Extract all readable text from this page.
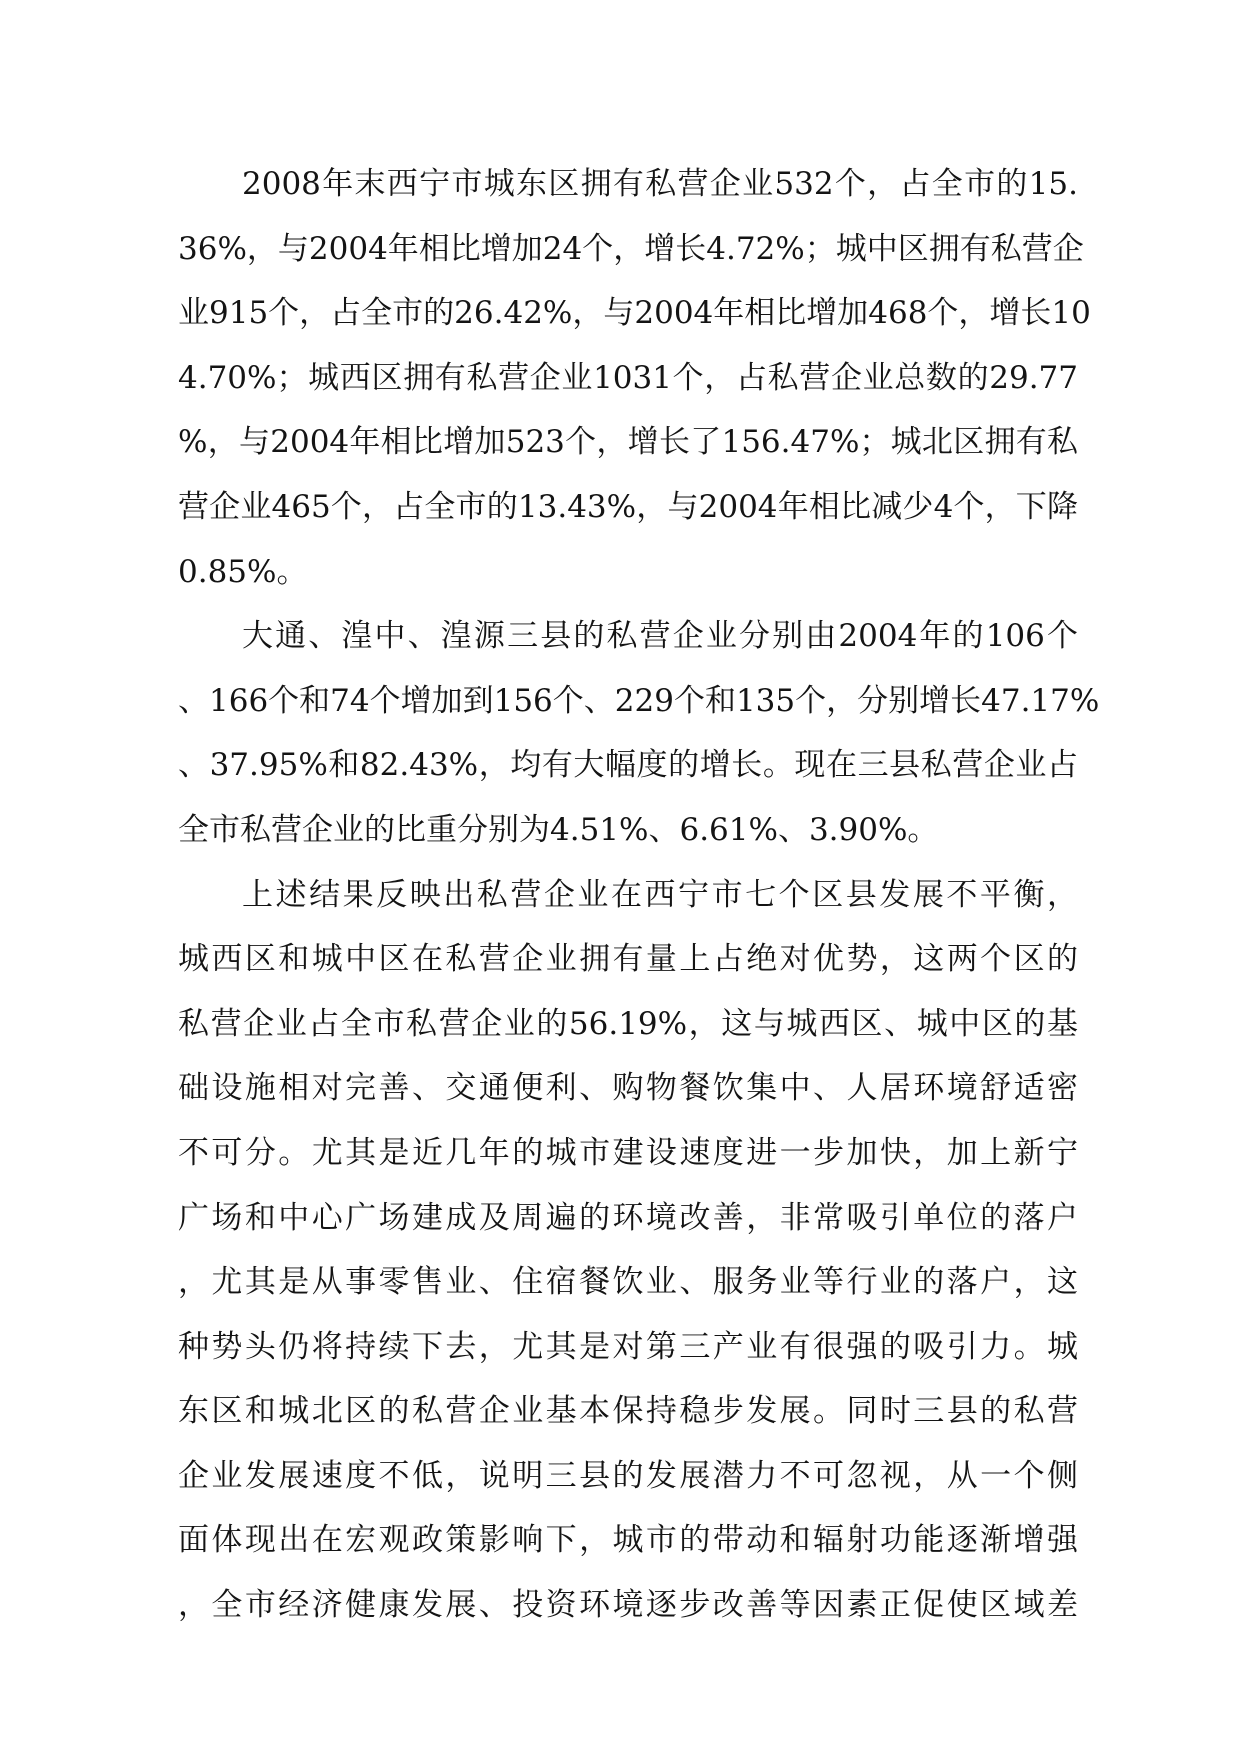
2008年末西宁市城东区拥有私营企业532个，占全市的15.
36%，与2004年相比增加24个，增长4.72%；城中区拥有私营企
业915个，占全市的26.42%，与2004年相比增加468个，增长10
4.70%；城西区拥有私营企业1031个，占私营企业总数的29.77
%，与2004年相比增加523个，增长了156.47%；城北区拥有私
营企业465个，占全市的13.43%，与2004年相比减少4个，下降
0.85%。
大通、湟中、湟源三县的私营企业分别由2004年的106个
、166个和74个增加到156个、229个和135个，分别增长47.17%
、37.95%和82.43%，均有大幅度的增长。现在三县私营企业占
全市私营企业的比重分别为4.51%、6.61%、3.90%。
上述结果反映出私营企业在西宁市七个区县发展不平衡，
城西区和城中区在私营企业拥有量上占绝对优势，这两个区的
私营企业占全市私营企业的56.19%，这与城西区、城中区的基
础设施相对完善、交通便利、购物餐饮集中、人居环境舒适密
不可分。尤其是近几年的城市建设速度进一步加快，加上新宁
广场和中心广场建成及周遍的环境改善，非常吸引单位的落户
，尤其是从事零售业、住宿餐饮业、服务业等行业的落户，这
种势头仍将持续下去，尤其是对第三产业有很强的吸引力。城
东区和城北区的私营企业基本保持稳步发展。同时三县的私营
企业发展速度不低，说明三县的发展潜力不可忽视，从一个侧
面体现出在宏观政策影响下，城市的带动和辐射功能逐渐增强
，全市经济健康发展、投资环境逐步改善等因素正促使区域差
